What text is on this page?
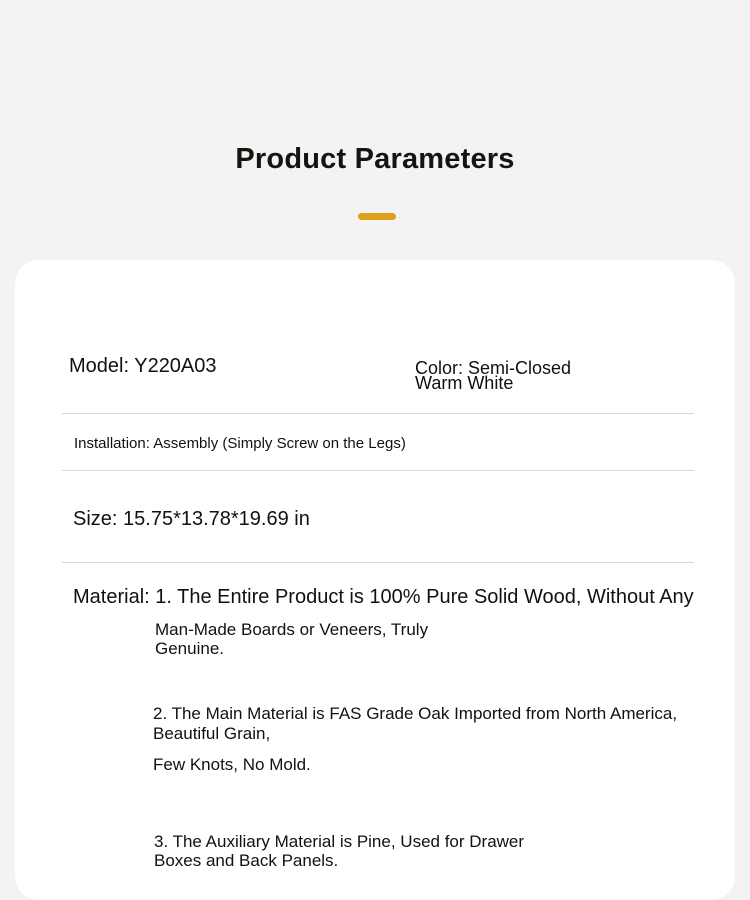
Product Parameters

Model: Y220A03	Color: Semi-Closed Warm White

Installation: Assembly (Simply Screw on the Legs)

Size: 15.75*13.78*19.69 in

Material: 1. The Entire Product is 100% Pure Solid Wood, Without Any

Man-Made Boards or Veneers, Truly Genuine.

2. The Main Material is FAS Grade Oak Imported from North America, Beautiful Grain,

Few Knots, No Mold.

3. The Auxiliary Material is Pine, Used for Drawer Boxes and Back Panels.
